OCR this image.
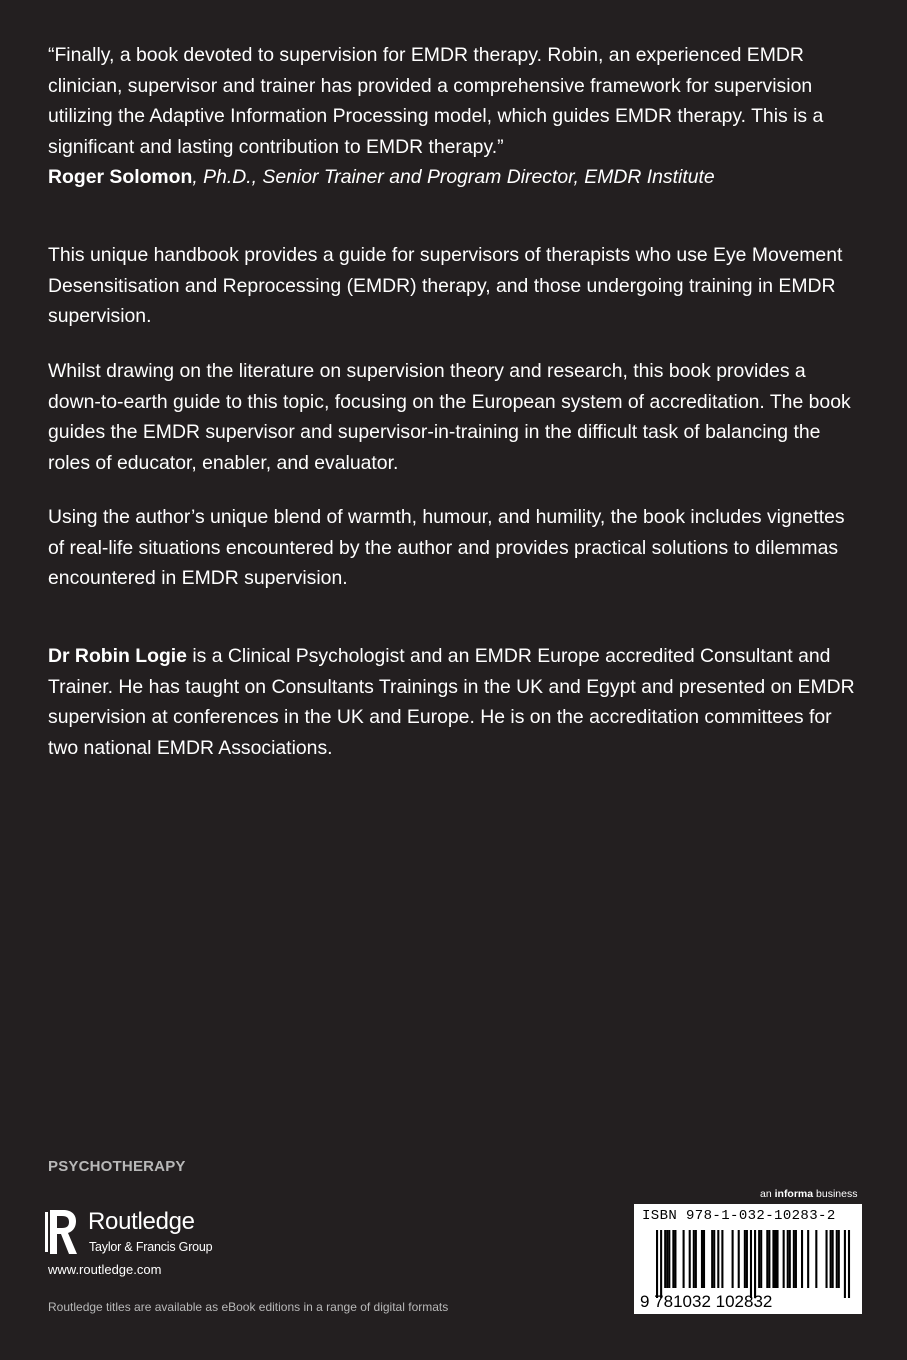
“Finally, a book devoted to supervision for EMDR therapy. Robin, an experienced EMDR clinician, supervisor and trainer has provided a comprehensive framework for supervision utilizing the Adaptive Information Processing model, which guides EMDR therapy. This is a significant and lasting contribution to EMDR therapy.”

Roger Solomon, Ph.D., Senior Trainer and Program Director, EMDR Institute

This unique handbook provides a guide for supervisors of therapists who use Eye Movement Desensitisation and Reprocessing (EMDR) therapy, and those undergoing training in EMDR supervision.
Whilst drawing on the literature on supervision theory and research, this book provides a down-to-earth guide to this topic, focusing on the European system of accreditation. The book guides the EMDR supervisor and supervisor-in-training in the difficult task of balancing the roles of educator, enabler, and evaluator.
Using the author’s unique blend of warmth, humour, and humility, the book includes vignettes of real-life situations encountered by the author and provides practical solutions to dilemmas encountered in EMDR supervision.
Dr Robin Logie is a Clinical Psychologist and an EMDR Europe accredited Consultant and Trainer. He has taught on Consultants Trainings in the UK and Egypt and presented on EMDR supervision at conferences in the UK and Europe. He is on the accreditation committees for two national EMDR Associations.
PSYCHOTHERAPY
Routledge
Taylor & Francis Group
www.routledge.com
Routledge titles are available as eBook editions in a range of digital formats
an informa business
ISBN 978-1-032-10283-2
9 781032 102832
